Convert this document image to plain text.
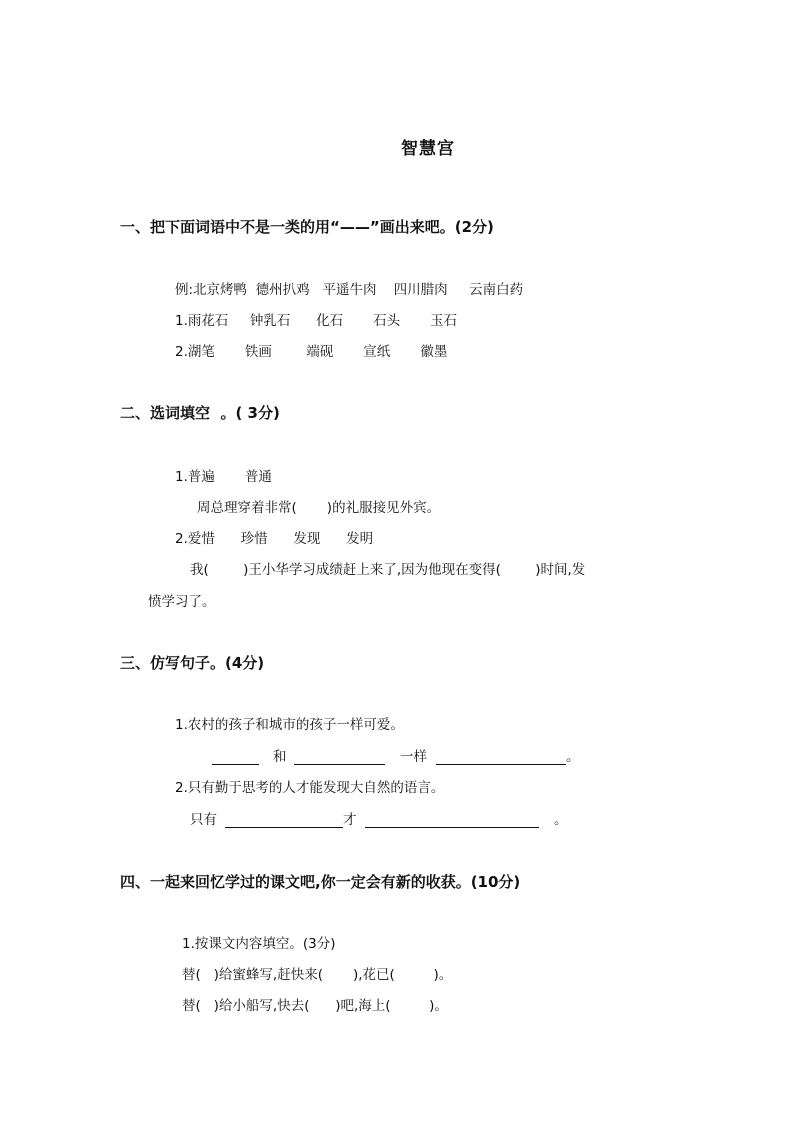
智慧宫
一、把下面词语中不是一类的用“——”画出来吧。(2分)
例:北京烤鸭  德州扒鸡   平遥牛肉    四川腊肉     云南白药
1.雨花石     钟乳石      化石       石头       玉石
2.湖笔       铁画        端砚       宣纸       徽墨
二、选词填空  。( 3分)
1.普遍       普通
周总理穿着非常(       )的礼服接见外宾。
2.爱惜      珍惜      发现      发明
我(        )王小华学习成绩赶上来了,因为他现在变得(        )时间,发
愤学习了。
三、仿写句子。(4分)
1.农村的孩子和城市的孩子一样可爱。
和	一样	。
2.只有勤于思考的人才能发现大自然的语言。
只有	才	。
四、一起来回忆学过的课文吧,你一定会有新的收获。(10分)
1.按课文内容填空。(3分)
替(   )给蜜蜂写,赶快来(       ),花已(         )。
替(   )给小船写,快去(      )吧,海上(         )。
